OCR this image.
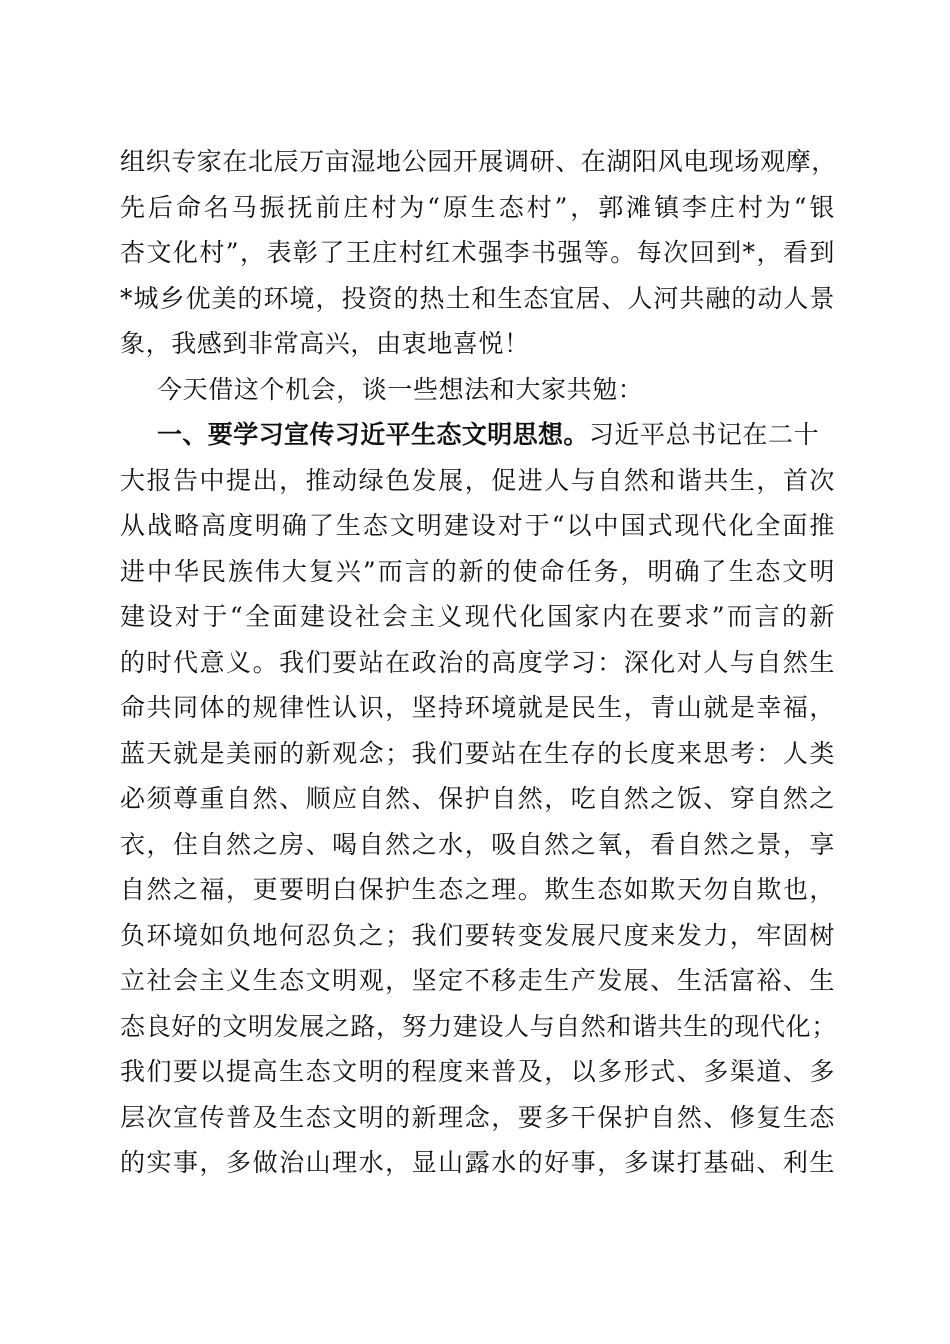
组织专家在北辰万亩湿地公园开展调研、在湖阳风电现场观摩，
先后命名马振抚前庄村为“原生态村”，郭滩镇李庄村为“银
杏文化村”，表彰了王庄村红术强李书强等。每次回到*，看到
*城乡优美的环境，投资的热土和生态宜居、人河共融的动人景
象，我感到非常高兴，由衷地喜悦！
今天借这个机会，谈一些想法和大家共勉：
一、要学习宣传习近平生态文明思想。习近平总书记在二十
大报告中提出，推动绿色发展，促进人与自然和谐共生，首次
从战略高度明确了生态文明建设对于“以中国式现代化全面推
进中华民族伟大复兴”而言的新的使命任务，明确了生态文明
建设对于“全面建设社会主义现代化国家内在要求”而言的新
的时代意义。我们要站在政治的高度学习：深化对人与自然生
命共同体的规律性认识，坚持环境就是民生，青山就是幸福，
蓝天就是美丽的新观念；我们要站在生存的长度来思考：人类
必须尊重自然、顺应自然、保护自然，吃自然之饭、穿自然之
衣，住自然之房、喝自然之水，吸自然之氧，看自然之景，享
自然之福，更要明白保护生态之理。欺生态如欺天勿自欺也，
负环境如负地何忍负之；我们要转变发展尺度来发力，牢固树
立社会主义生态文明观，坚定不移走生产发展、生活富裕、生
态良好的文明发展之路，努力建设人与自然和谐共生的现代化；
我们要以提高生态文明的程度来普及，以多形式、多渠道、多
层次宣传普及生态文明的新理念，要多干保护自然、修复生态
的实事，多做治山理水，显山露水的好事，多谋打基础、利生
